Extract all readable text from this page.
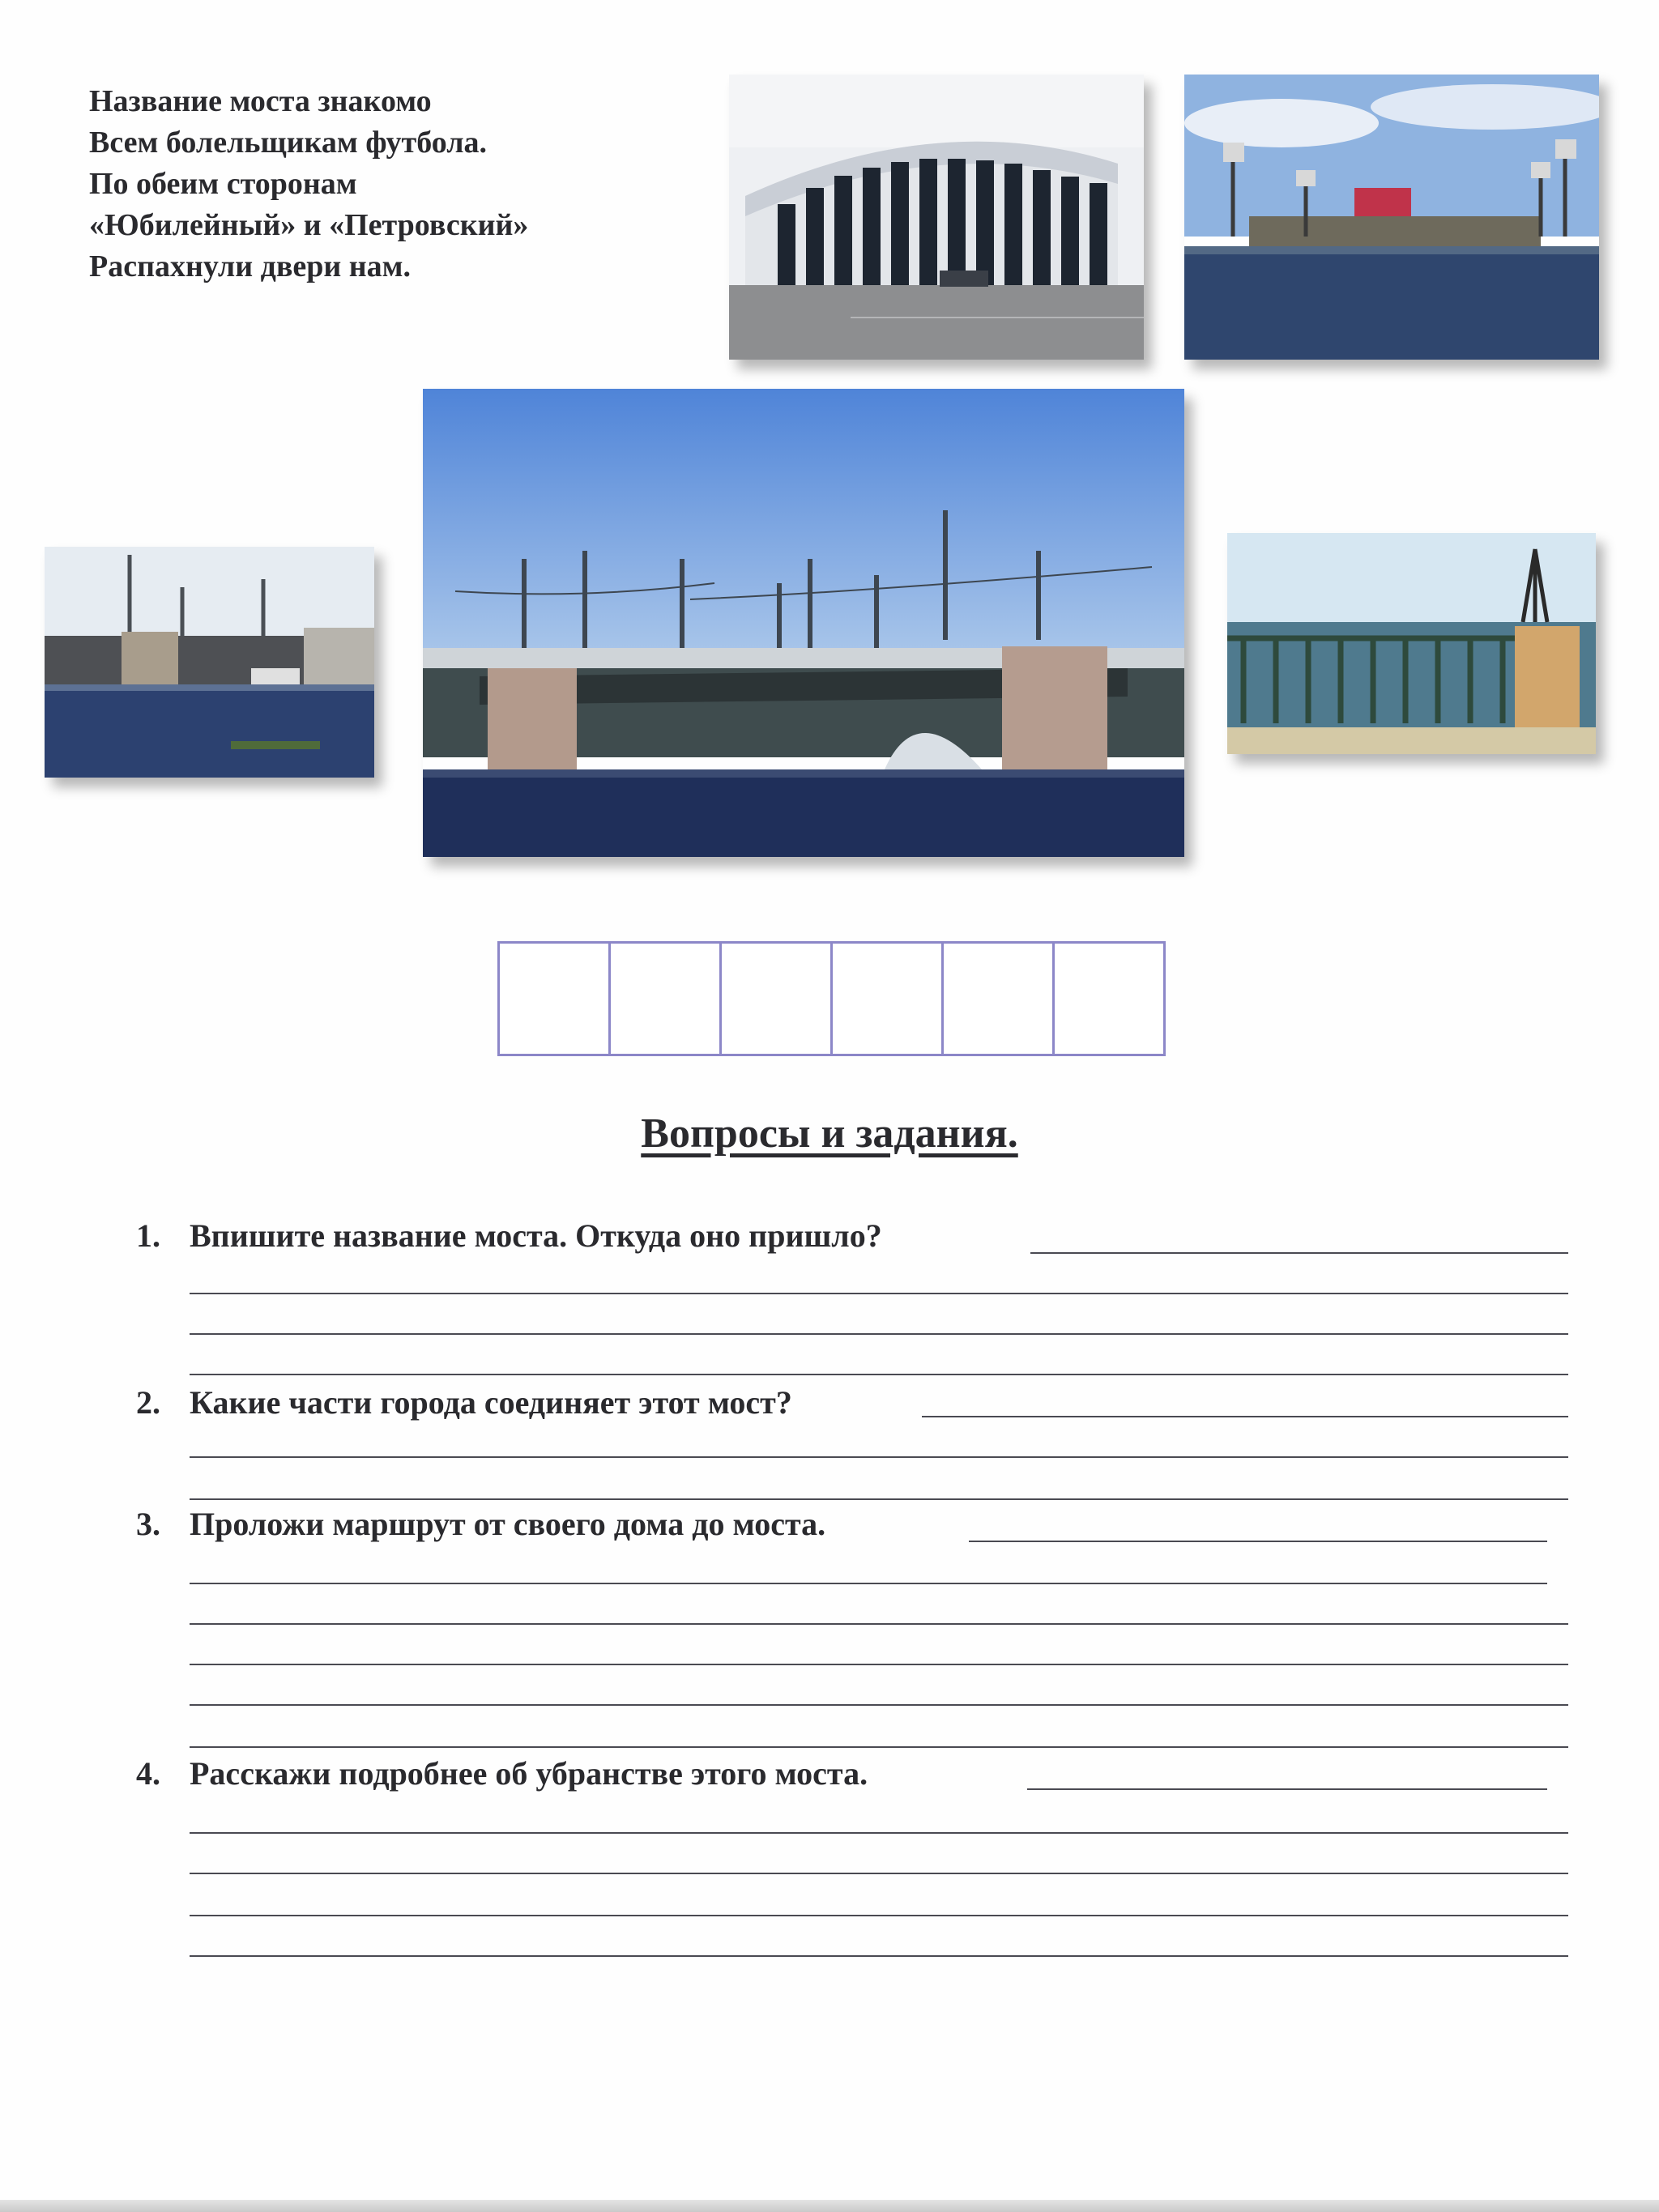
Название моста знакомо
Всем болельщикам футбола.
По обеим сторонам
«Юбилейный» и «Петровский»
Распахнули двери нам.
Вопросы и задания.
1. Впишите название моста. Откуда оно пришло?
2. Какие части города соединяет этот мост?
3. Проложи маршрут от своего дома до моста.
4. Расскажи подробнее об убранстве этого моста.
